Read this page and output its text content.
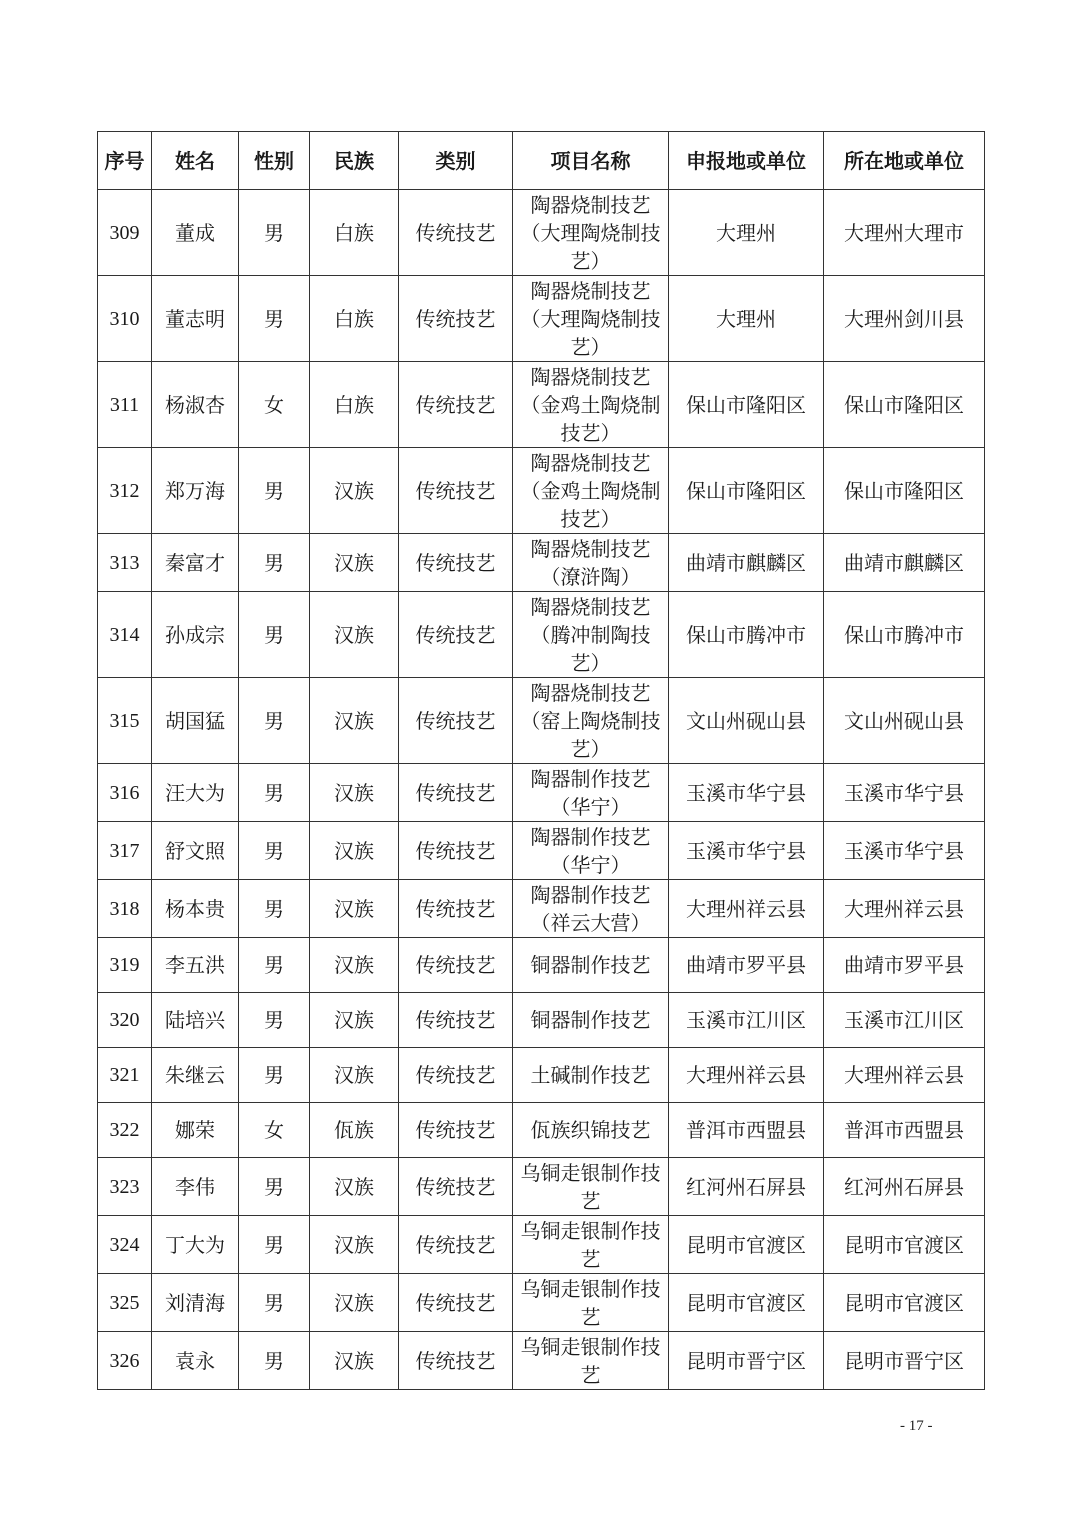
序号	姓名	性别	民族	类别	项目名称	申报地或单位	所在地或单位
309	董成	男	白族	传统技艺	陶器烧制技艺（大理陶烧制技艺）	大理州	大理州大理市
310	董志明	男	白族	传统技艺	陶器烧制技艺（大理陶烧制技艺）	大理州	大理州剑川县
311	杨淑杏	女	白族	传统技艺	陶器烧制技艺（金鸡土陶烧制技艺）	保山市隆阳区	保山市隆阳区
312	郑万海	男	汉族	传统技艺	陶器烧制技艺（金鸡土陶烧制技艺）	保山市隆阳区	保山市隆阳区
313	秦富才	男	汉族	传统技艺	陶器烧制技艺（潦浒陶）	曲靖市麒麟区	曲靖市麒麟区
314	孙成宗	男	汉族	传统技艺	陶器烧制技艺（腾冲制陶技艺）	保山市腾冲市	保山市腾冲市
315	胡国猛	男	汉族	传统技艺	陶器烧制技艺（窑上陶烧制技艺）	文山州砚山县	文山州砚山县
316	汪大为	男	汉族	传统技艺	陶器制作技艺（华宁）	玉溪市华宁县	玉溪市华宁县
317	舒文照	男	汉族	传统技艺	陶器制作技艺（华宁）	玉溪市华宁县	玉溪市华宁县
318	杨本贵	男	汉族	传统技艺	陶器制作技艺（祥云大营）	大理州祥云县	大理州祥云县
319	李五洪	男	汉族	传统技艺	铜器制作技艺	曲靖市罗平县	曲靖市罗平县
320	陆培兴	男	汉族	传统技艺	铜器制作技艺	玉溪市江川区	玉溪市江川区
321	朱继云	男	汉族	传统技艺	土碱制作技艺	大理州祥云县	大理州祥云县
322	娜荣	女	佤族	传统技艺	佤族织锦技艺	普洱市西盟县	普洱市西盟县
323	李伟	男	汉族	传统技艺	乌铜走银制作技艺	红河州石屏县	红河州石屏县
324	丁大为	男	汉族	传统技艺	乌铜走银制作技艺	昆明市官渡区	昆明市官渡区
325	刘清海	男	汉族	传统技艺	乌铜走银制作技艺	昆明市官渡区	昆明市官渡区
326	袁永	男	汉族	传统技艺	乌铜走银制作技艺	昆明市晋宁区	昆明市晋宁区
- 17 -
